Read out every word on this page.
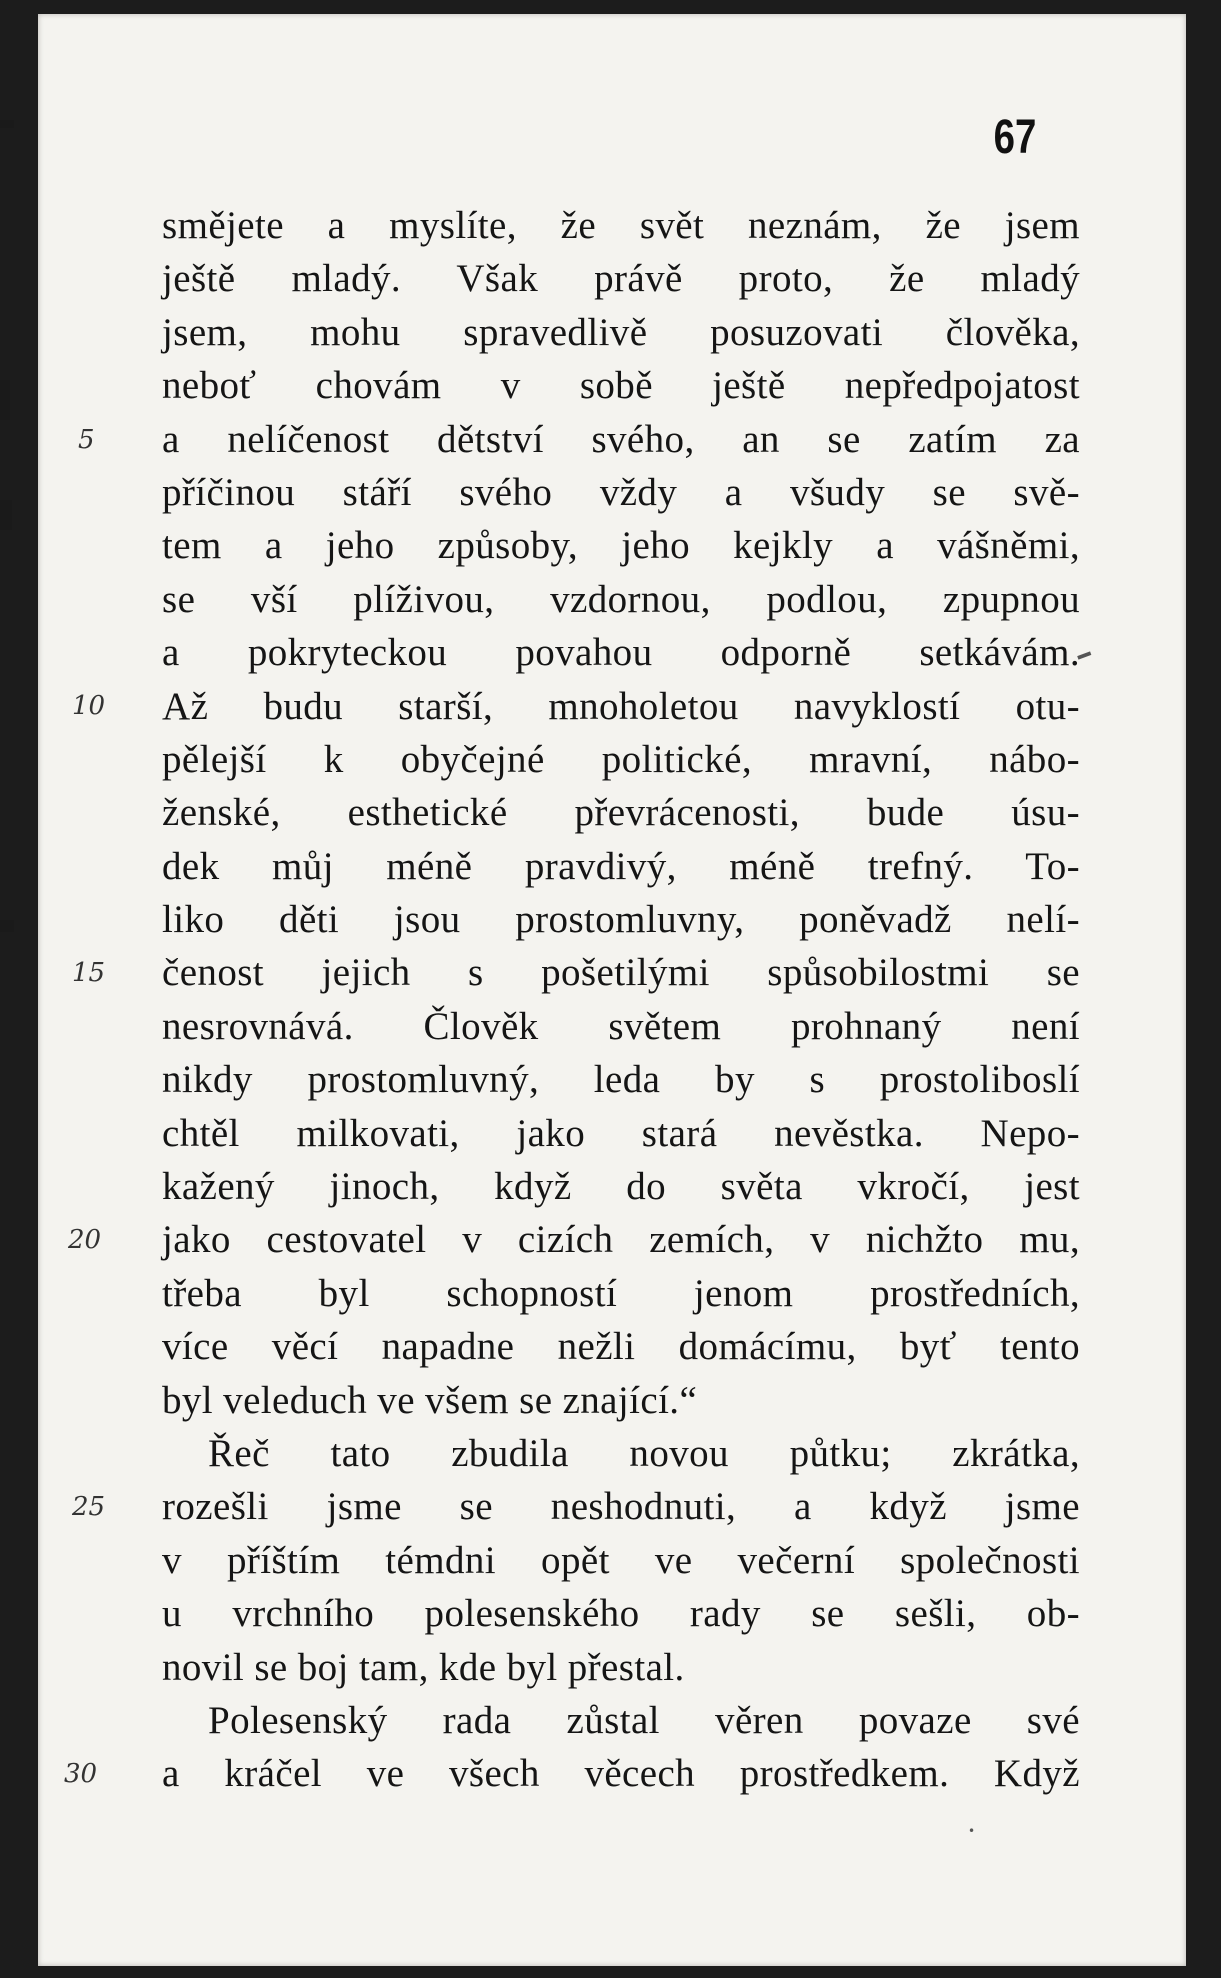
67
5
10
15
20
25
30
━
•
smějete a myslíte, že svět neznám, že jsem
ještě mladý. Však právě proto, že mladý
jsem, mohu spravedlivě posuzovati člověka,
neboť chovám v sobě ještě nepředpojatost
a nelíčenost dětství svého, an se zatím za
příčinou stáří svého vždy a všudy se svě-
tem a jeho způsoby, jeho kejkly a vášněmi,
se vší plíživou, vzdornou, podlou, zpupnou
a pokryteckou povahou odporně setkávám.
Až budu starší, mnoholetou navyklostí otu-
pělejší k obyčejné politické, mravní, nábo-
ženské, esthetické převrácenosti, bude úsu-
dek můj méně pravdivý, méně trefný. To-
liko děti jsou prostomluvny, poněvadž nelí-
čenost jejich s pošetilými spůsobilostmi se
nesrovnává. Člověk světem prohnaný není
nikdy prostomluvný, leda by s prostoliboslí
chtěl milkovati, jako stará nevěstka. Nepo-
kažený jinoch, když do světa vkročí, jest
jako cestovatel v cizích zemích, v nichžto mu,
třeba byl schopností jenom prostředních,
více věcí napadne nežli domácímu, byť tento
byl veleduch ve všem se znající.“
Řeč tato zbudila novou půtku; zkrátka,
rozešli jsme se neshodnuti, a když jsme
v příštím témdni opět ve večerní společnosti
u vrchního polesenského rady se sešli, ob-
novil se boj tam, kde byl přestal.
Polesenský rada zůstal věren povaze své
a kráčel ve všech věcech prostředkem. Když
